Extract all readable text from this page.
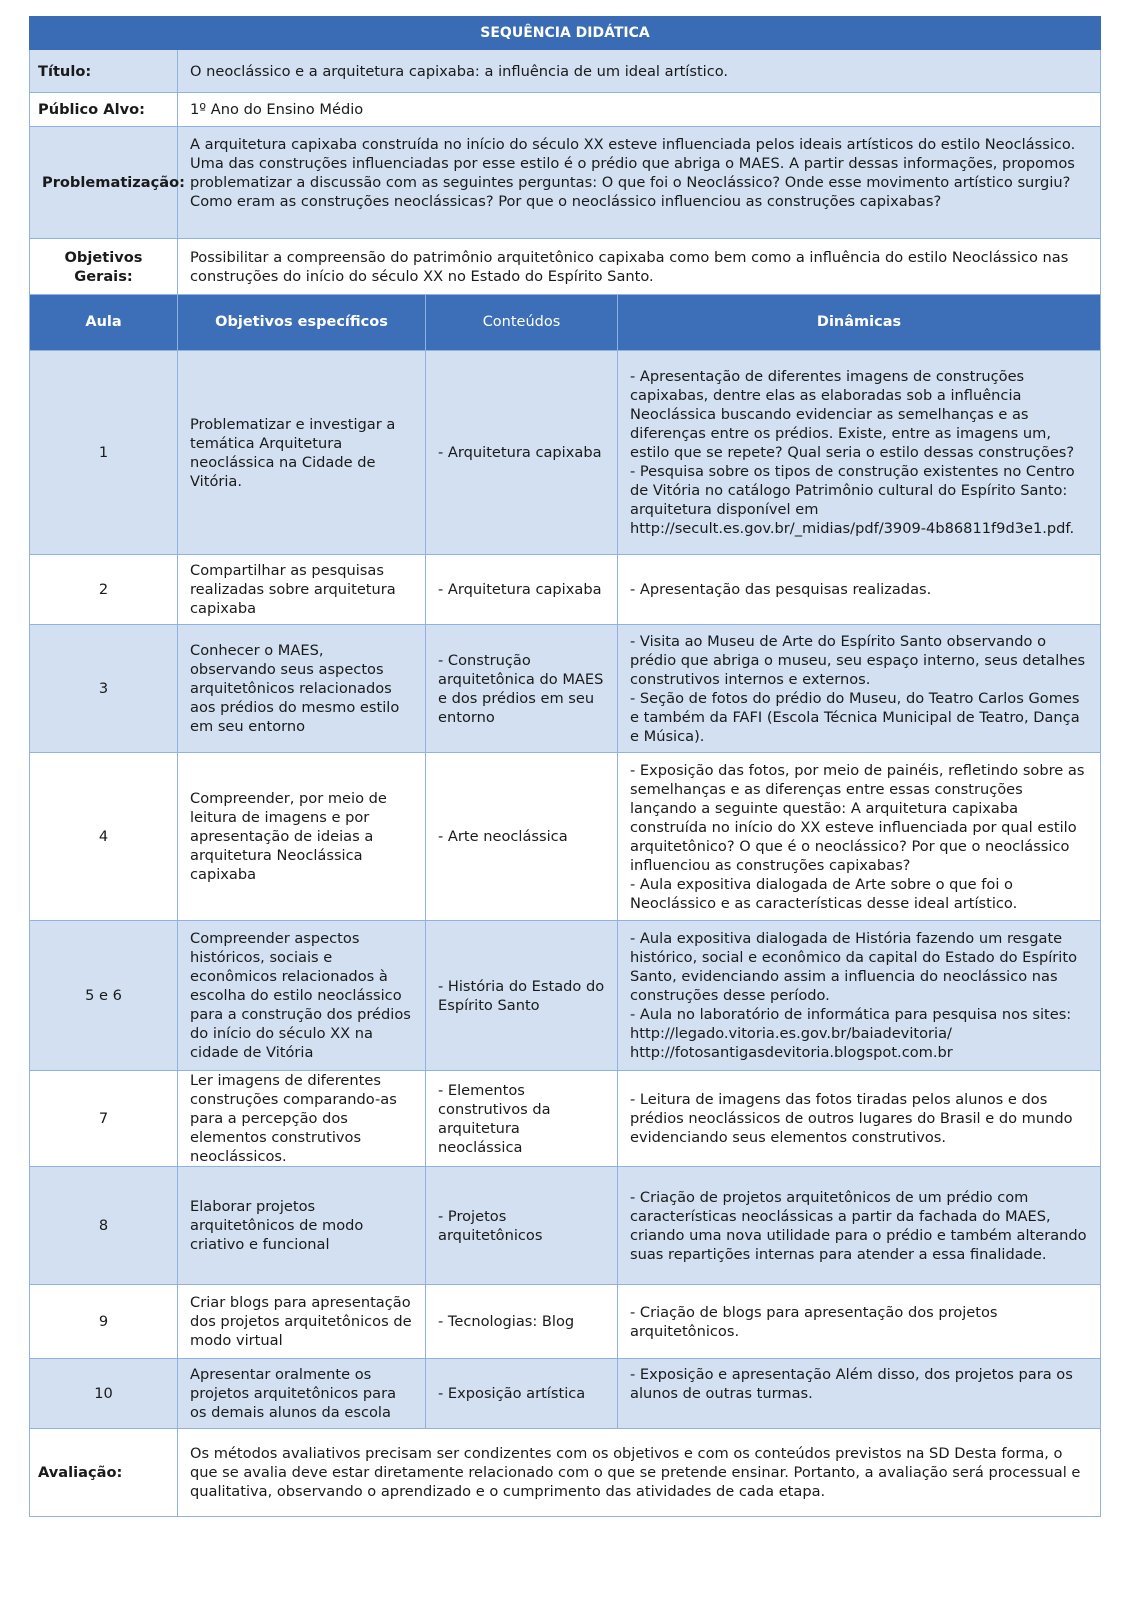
SEQUÊNCIA DIDÁTICA			
Título:	O neoclássico e a arquitetura capixaba: a influência de um ideal artístico.		
Público Alvo:	1º Ano do Ensino Médio		
Problematização:	A arquitetura capixaba construída no início do século XX esteve influenciada pelos ideais artísticos do estilo Neoclássico. Uma das construções influenciadas por esse estilo é o prédio que abriga o MAES. A partir dessas informações, propomos problematizar a discussão com as seguintes perguntas: O que foi o Neoclássico? Onde esse movimento artístico surgiu? Como eram as construções neoclássicas? Por que o neoclássico influenciou as construções capixabas?		
Objetivos Gerais:	Possibilitar a compreensão do patrimônio arquitetônico capixaba como bem como a influência do estilo Neoclássico nas construções do início do século XX no Estado do Espírito Santo.		
Aula	Objetivos específicos	Conteúdos	Dinâmicas
1	Problematizar e investigar a temática Arquitetura neoclássica na Cidade de Vitória.	- Arquitetura capixaba	- Apresentação de diferentes imagens de construções capixabas, dentre elas as elaboradas sob a influência Neoclássica buscando evidenciar as semelhanças e as diferenças entre os prédios. Existe, entre as imagens um, estilo que se repete? Qual seria o estilo dessas construções?
- Pesquisa sobre os tipos de construção existentes no Centro de Vitória no catálogo Patrimônio cultural do Espírito Santo: arquitetura disponível em http://secult.es.gov.br/_midias/pdf/3909-4b86811f9d3e1.pdf.
2	Compartilhar as pesquisas realizadas sobre arquitetura capixaba	- Arquitetura capixaba	- Apresentação das pesquisas realizadas.
3	Conhecer o MAES, observando seus aspectos arquitetônicos relacionados aos prédios do mesmo estilo em seu entorno	- Construção arquitetônica do MAES e dos prédios em seu entorno	- Visita ao Museu de Arte do Espírito Santo observando o prédio que abriga o museu, seu espaço interno, seus detalhes construtivos internos e externos.
- Seção de fotos do prédio do Museu, do Teatro Carlos Gomes e também da FAFI (Escola Técnica Municipal de Teatro, Dança e Música).
4	Compreender, por meio de leitura de imagens e por apresentação de ideias a arquitetura Neoclássica capixaba	- Arte neoclássica	- Exposição das fotos, por meio de painéis, refletindo sobre as semelhanças e as diferenças entre essas construções lançando a seguinte questão: A arquitetura capixaba construída no início do XX esteve influenciada por qual estilo arquitetônico? O que é o neoclássico? Por que o neoclássico influenciou as construções capixabas?
- Aula expositiva dialogada de Arte sobre o que foi o Neoclássico e as características desse ideal artístico.
5 e 6	Compreender aspectos históricos, sociais e econômicos relacionados à escolha do estilo neoclássico para a construção dos prédios do início do século XX na cidade de Vitória	- História do Estado do Espírito Santo	- Aula expositiva dialogada de História fazendo um resgate histórico, social e econômico da capital do Estado do Espírito Santo, evidenciando assim a influencia do neoclássico nas construções desse período.
- Aula no laboratório de informática para pesquisa nos sites: http://legado.vitoria.es.gov.br/baiadevitoria/ http://fotosantigasdevitoria.blogspot.com.br
7	Ler imagens de diferentes construções comparando-as para a percepção dos elementos construtivos neoclássicos.	- Elementos construtivos da arquitetura neoclássica	- Leitura de imagens das fotos tiradas pelos alunos e dos prédios neoclássicos de outros lugares do Brasil e do mundo evidenciando seus elementos construtivos.
8	Elaborar projetos arquitetônicos de modo criativo e funcional	- Projetos arquitetônicos	- Criação de projetos arquitetônicos de um prédio com características neoclássicas a partir da fachada do MAES, criando uma nova utilidade para o prédio e também alterando suas repartições internas para atender a essa finalidade.
9	Criar blogs para apresentação dos projetos arquitetônicos de modo virtual	- Tecnologias: Blog	- Criação de blogs para apresentação dos projetos arquitetônicos.
10	Apresentar oralmente os projetos arquitetônicos para os demais alunos da escola	- Exposição artística	- Exposição e apresentação Além disso, dos projetos para os alunos de outras turmas.
Avaliação:	Os métodos avaliativos precisam ser condizentes com os objetivos e com os conteúdos previstos na SD Desta forma, o que se avalia deve estar diretamente relacionado com o que se pretende ensinar. Portanto, a avaliação será processual e qualitativa, observando o aprendizado e o cumprimento das atividades de cada etapa.		
